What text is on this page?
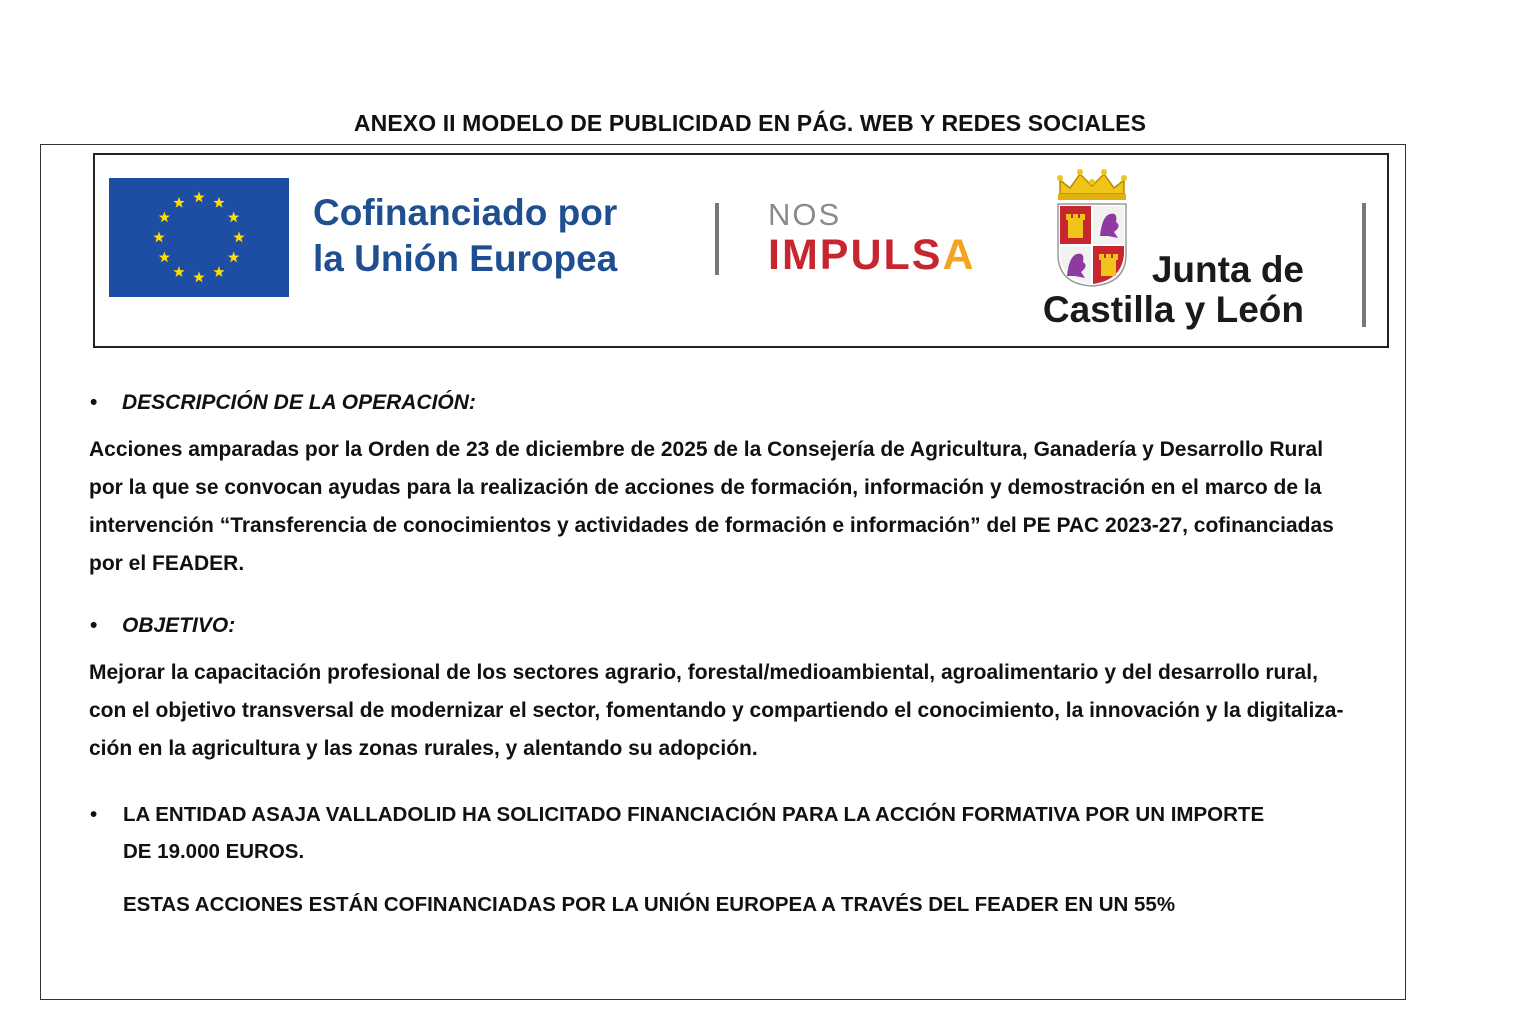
ANEXO II MODELO DE PUBLICIDAD EN PÁG. WEB Y REDES SOCIALES
Cofinanciado por
la Unión Europea
NOS
IMPULSA	Junta de
Castilla y León
• DESCRIPCIÓN DE LA OPERACIÓN:
Acciones amparadas por la Orden de 23 de diciembre de 2025 de la Consejería de Agricultura, Ganadería y Desarrollo Rural
por la que se convocan ayudas para la realización de acciones de formación, información y demostración en el marco de la
intervención “Transferencia de conocimientos y actividades de formación e información” del PE PAC 2023-27, cofinanciadas
por el FEADER.
• OBJETIVO:
Mejorar la capacitación profesional de los sectores agrario, forestal/medioambiental, agroalimentario y del desarrollo rural,
con el objetivo transversal de modernizar el sector, fomentando y compartiendo el conocimiento, la innovación y la digitaliza-
ción en la agricultura y las zonas rurales, y alentando su adopción.
• LA ENTIDAD ASAJA VALLADOLID HA SOLICITADO FINANCIACIÓN PARA LA ACCIÓN FORMATIVA POR UN IMPORTE
DE 19.000 EUROS.
ESTAS ACCIONES ESTÁN COFINANCIADAS POR LA UNIÓN EUROPEA A TRAVÉS DEL FEADER EN UN 55%
